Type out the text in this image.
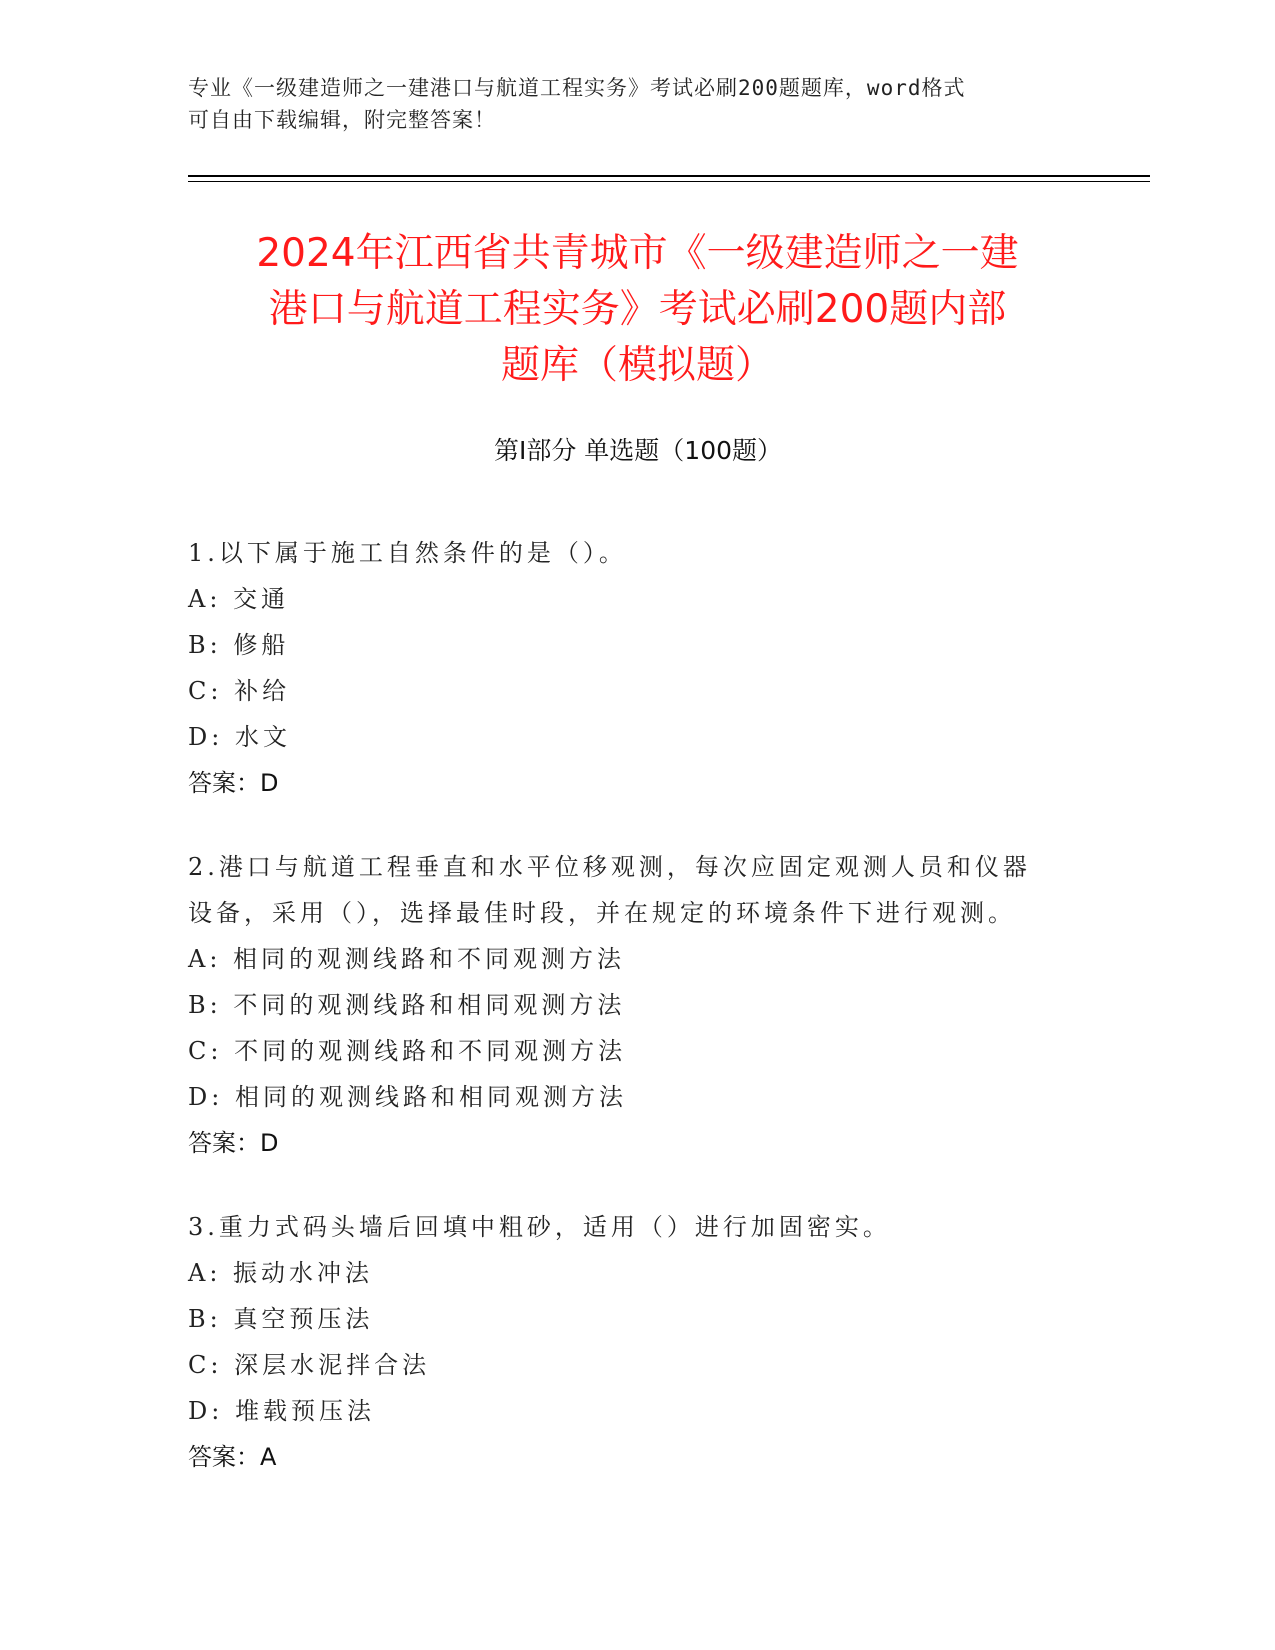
专业《一级建造师之一建港口与航道工程实务》考试必刷200题题库，word格式
可自由下载编辑，附完整答案！
2024年江西省共青城市《一级建造师之一建
港口与航道工程实务》考试必刷200题内部
题库（模拟题）
第I部分 单选题（100题）

1.以下属于施工自然条件的是（）。

A: 交通

B: 修船

C: 补给

D: 水文

答案：D

2.港口与航道工程垂直和水平位移观测，每次应固定观测人员和仪器

设备，采用（），选择最佳时段，并在规定的环境条件下进行观测。

A: 相同的观测线路和不同观测方法

B: 不同的观测线路和相同观测方法

C: 不同的观测线路和不同观测方法

D: 相同的观测线路和相同观测方法

答案：D

3.重力式码头墙后回填中粗砂，适用（）进行加固密实。

A: 振动水冲法

B: 真空预压法

C: 深层水泥拌合法

D: 堆载预压法

答案：A
